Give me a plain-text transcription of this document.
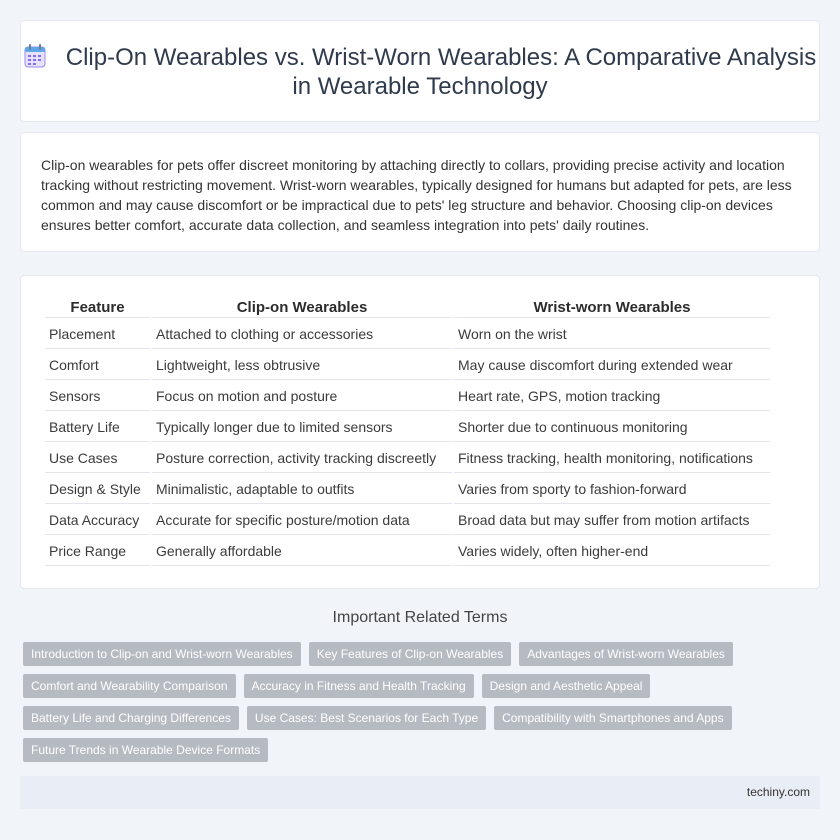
Clip-On Wearables vs. Wrist-Worn Wearables: A Comparative Analysis in Wearable Technology

Clip-on wearables for pets offer discreet monitoring by attaching directly to collars, providing precise activity and location tracking without restricting movement. Wrist-worn wearables, typically designed for humans but adapted for pets, are less common and may cause discomfort or be impractical due to pets' leg structure and behavior. Choosing clip-on devices ensures better comfort, accurate data collection, and seamless integration into pets' daily routines.

Feature	Clip-on Wearables	Wrist-worn Wearables
Placement	Attached to clothing or accessories	Worn on the wrist
Comfort	Lightweight, less obtrusive	May cause discomfort during extended wear
Sensors	Focus on motion and posture	Heart rate, GPS, motion tracking
Battery Life	Typically longer due to limited sensors	Shorter due to continuous monitoring
Use Cases	Posture correction, activity tracking discreetly	Fitness tracking, health monitoring, notifications
Design & Style	Minimalistic, adaptable to outfits	Varies from sporty to fashion-forward
Data Accuracy	Accurate for specific posture/motion data	Broad data but may suffer from motion artifacts
Price Range	Generally affordable	Varies widely, often higher-end
Important Related Terms
Introduction to Clip-on and Wrist-worn Wearables	Key Features of Clip-on Wearables	Advantages of Wrist-worn Wearables
Comfort and Wearability Comparison	Accuracy in Fitness and Health Tracking	Design and Aesthetic Appeal
Battery Life and Charging Differences	Use Cases: Best Scenarios for Each Type	Compatibility with Smartphones and Apps
Future Trends in Wearable Device Formats
techiny.com
